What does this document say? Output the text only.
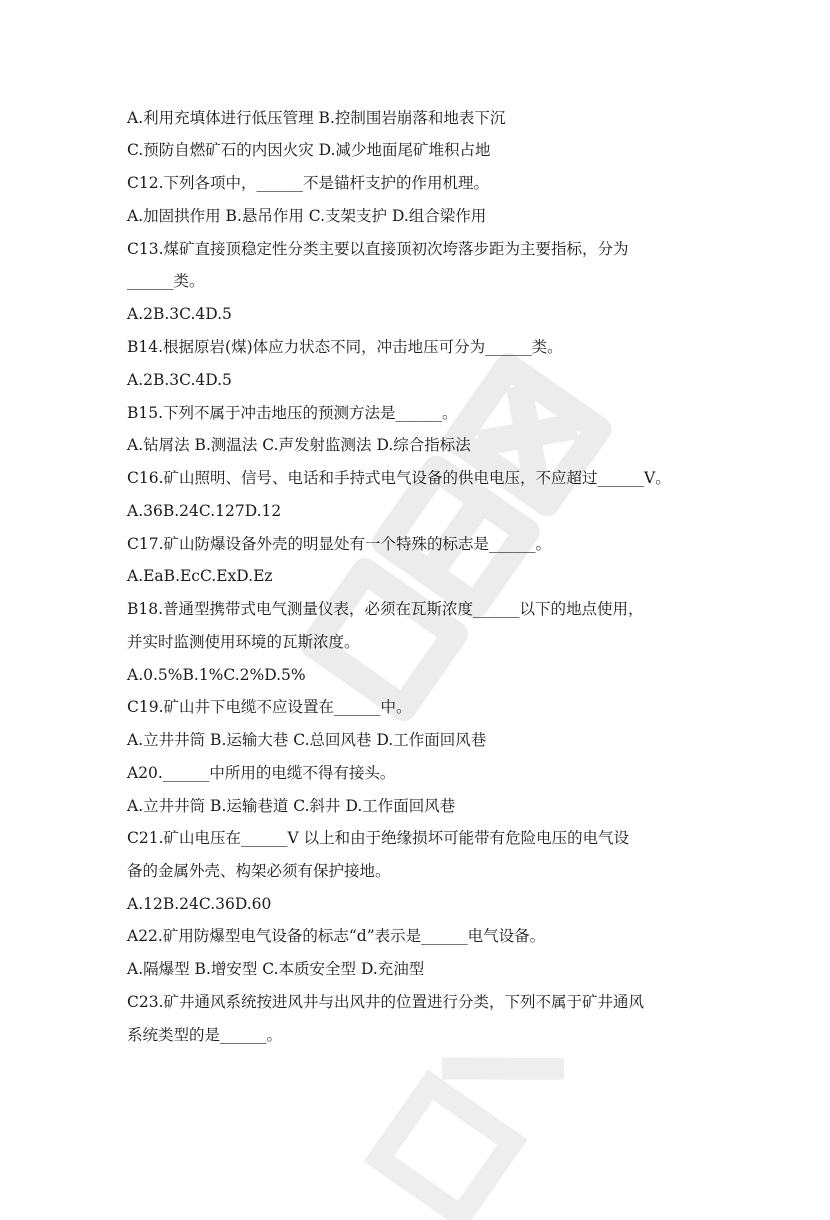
A.利用充填体进行低压管理 B.控制围岩崩落和地表下沉
C.预防自燃矿石的内因火灾 D.减少地面尾矿堆积占地
C12.下列各项中，______不是锚杆支护的作用机理。
A.加固拱作用 B.悬吊作用 C.支架支护 D.组合梁作用
C13.煤矿直接顶稳定性分类主要以直接顶初次垮落步距为主要指标，分为
______类。
A.2B.3C.4D.5
B14.根据原岩(煤)体应力状态不同，冲击地压可分为______类。
A.2B.3C.4D.5
B15.下列不属于冲击地压的预测方法是______。
A.钻屑法 B.测温法 C.声发射监测法 D.综合指标法
C16.矿山照明、信号、电话和手持式电气设备的供电电压，不应超过______V。
A.36B.24C.127D.12
C17.矿山防爆设备外壳的明显处有一个特殊的标志是______。
A.EaB.EcC.ExD.Ez
B18.普通型携带式电气测量仪表，必须在瓦斯浓度______以下的地点使用，
并实时监测使用环境的瓦斯浓度。
A.0.5%B.1%C.2%D.5%
C19.矿山井下电缆不应设置在______中。
A.立井井筒 B.运输大巷 C.总回风巷 D.工作面回风巷
A20.______中所用的电缆不得有接头。
A.立井井筒 B.运输巷道 C.斜井 D.工作面回风巷
C21.矿山电压在______V 以上和由于绝缘损坏可能带有危险电压的电气设
备的金属外壳、构架必须有保护接地。
A.12B.24C.36D.60
A22.矿用防爆型电气设备的标志“d”表示是______电气设备。
A.隔爆型 B.增安型 C.本质安全型 D.充油型
C23.矿井通风系统按进风井与出风井的位置进行分类，下列不属于矿井通风
系统类型的是______。
